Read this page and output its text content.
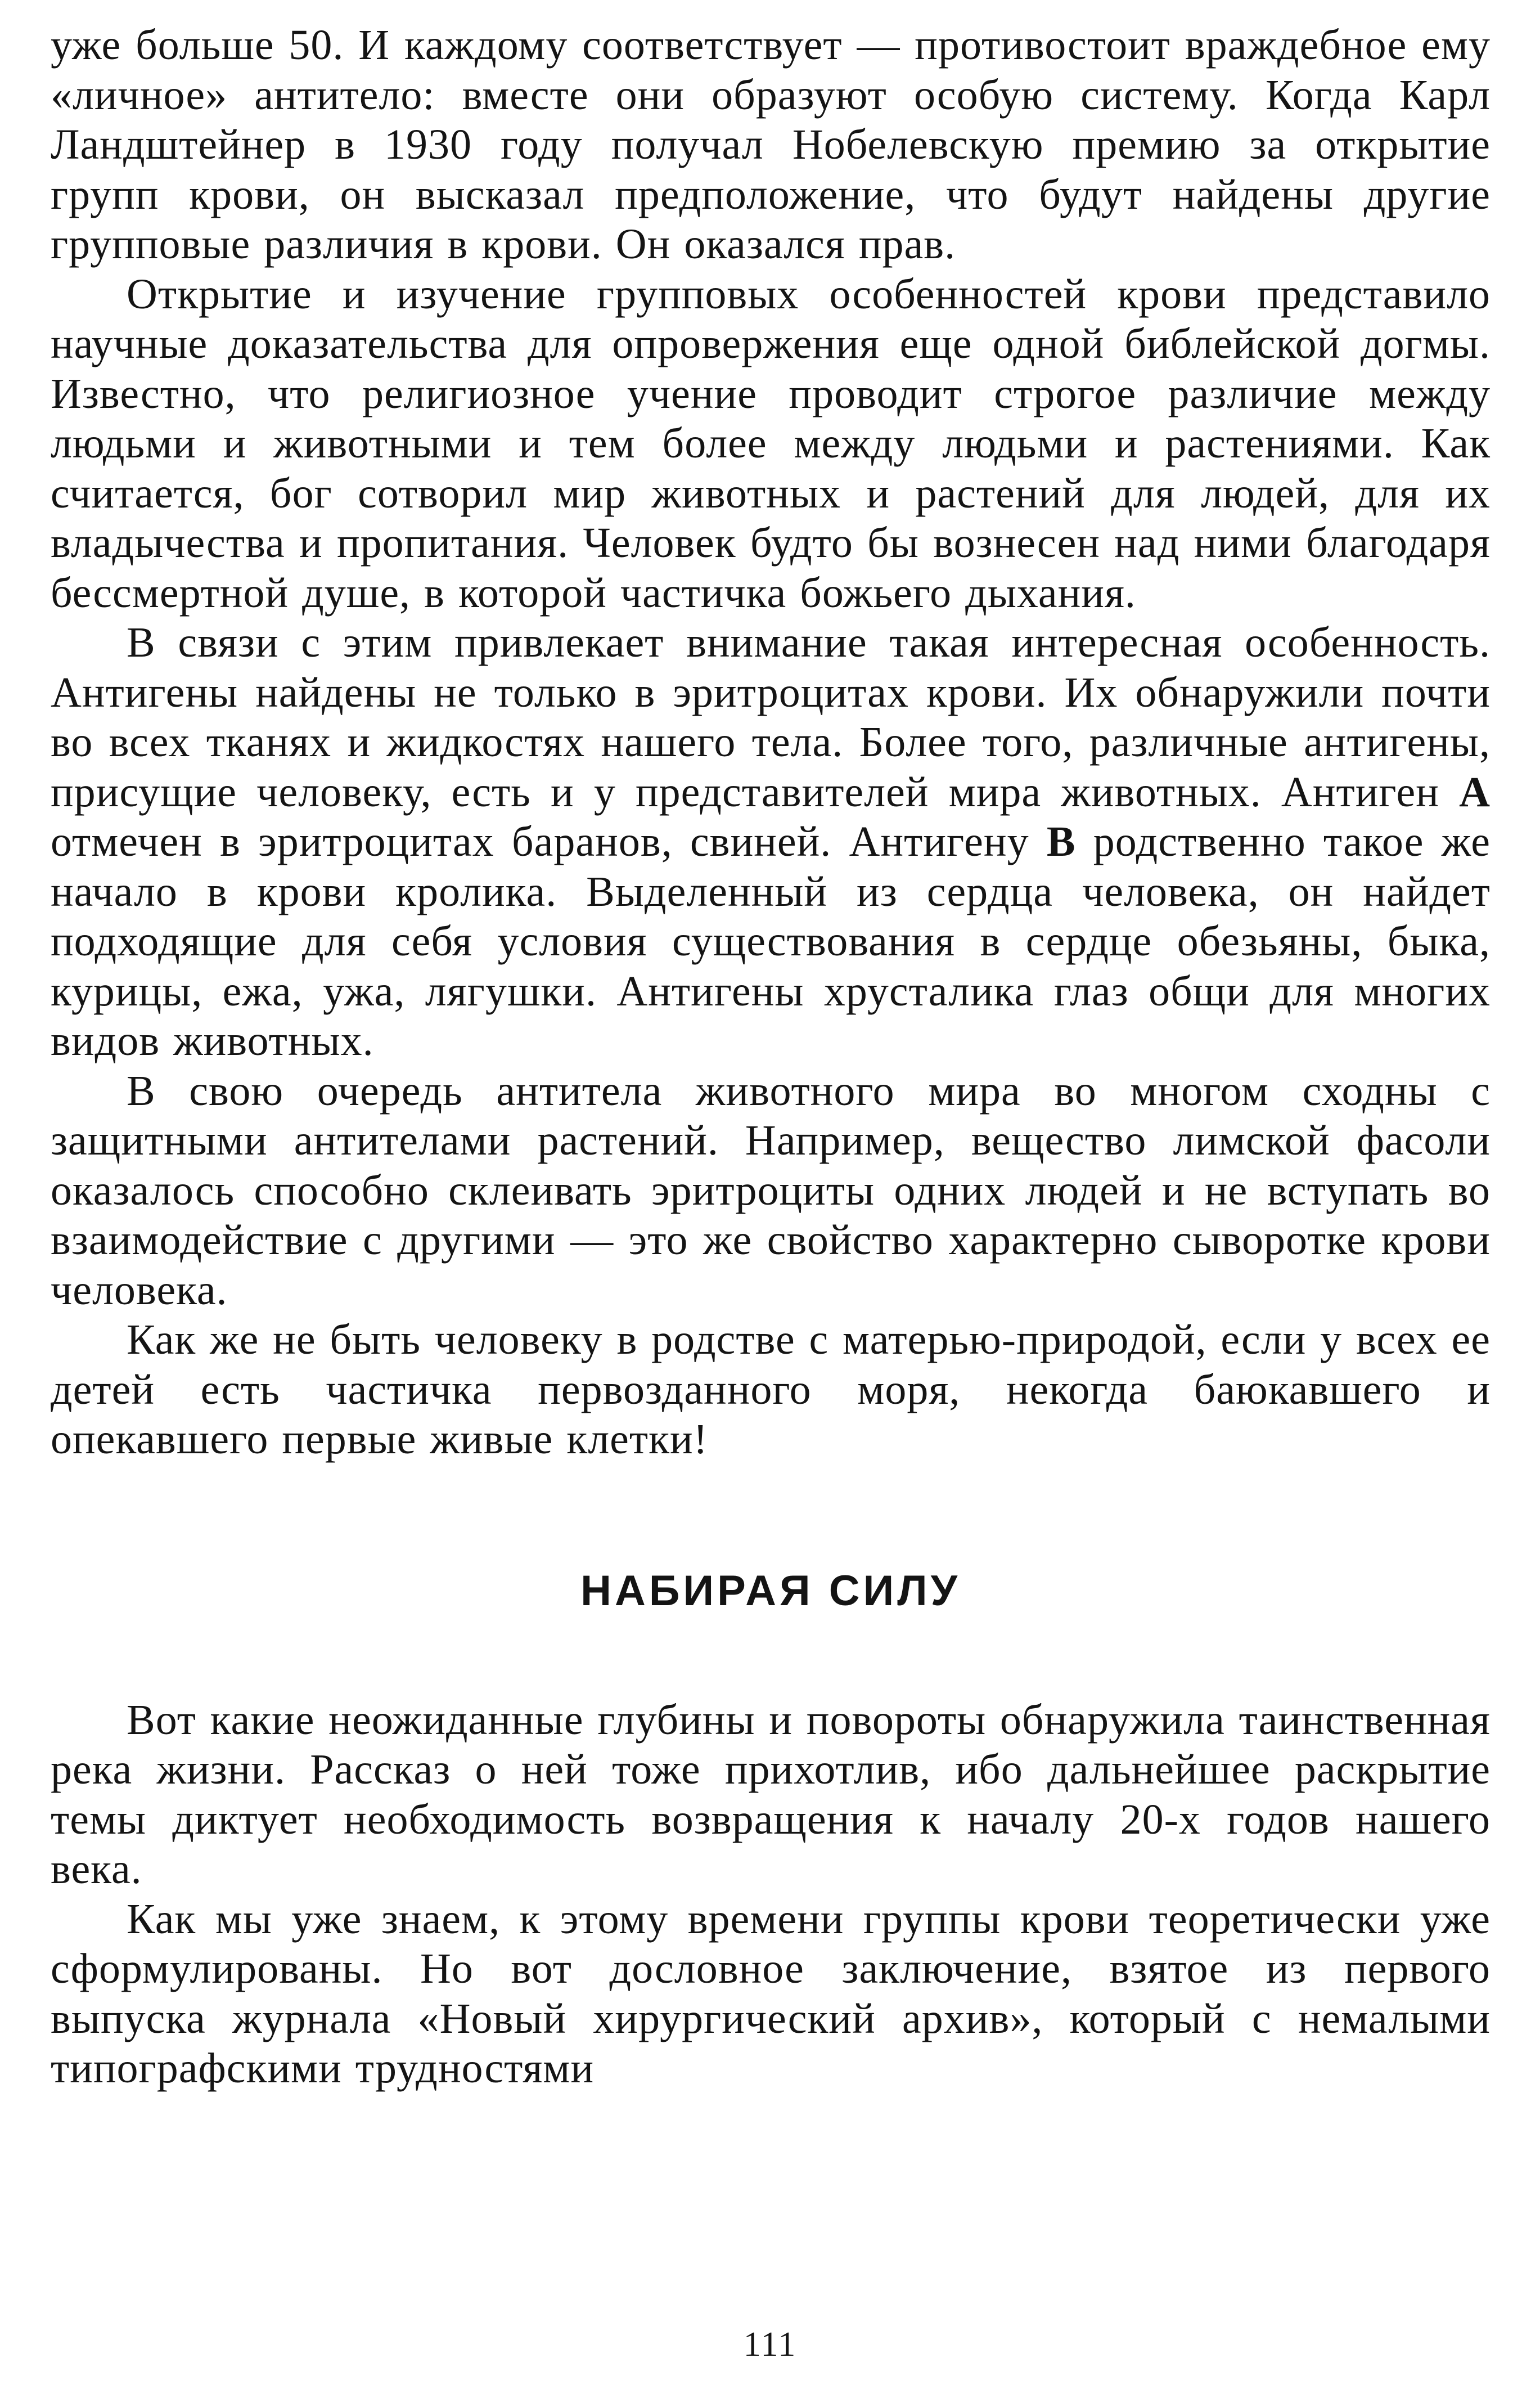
уже больше 50. И каждому соответствует — противостоит враждебное ему «личное» антитело: вместе они образуют особую систему. Когда Карл Ландштейнер в 1930 году получал Нобелевскую премию за открытие групп крови, он высказал предположение, что будут найдены другие групповые различия в крови. Он оказался прав.

Открытие и изучение групповых особенностей крови представило научные доказательства для опровержения еще одной библейской догмы. Известно, что религиозное учение проводит строгое различие между людьми и животными и тем более между людьми и растениями. Как считается, бог сотворил мир животных и растений для людей, для их владычества и пропитания. Человек будто бы вознесен над ними благодаря бессмертной душе, в которой частичка божьего дыхания.

В связи с этим привлекает внимание такая интересная особенность. Антигены найдены не только в эритроцитах крови. Их обнаружили почти во всех тканях и жидкостях нашего тела. Более того, различные антигены, присущие человеку, есть и у представителей мира животных. Антиген А отмечен в эритроцитах баранов, свиней. Антигену В родственно такое же начало в крови кролика. Выделенный из сердца человека, он найдет подходящие для себя условия существования в сердце обезьяны, быка, курицы, ежа, ужа, лягушки. Антигены хрусталика глаз общи для многих видов животных.

В свою очередь антитела животного мира во многом сходны с защитными антителами растений. Например, вещество лимской фасоли оказалось способно склеивать эритроциты одних людей и не вступать во взаимодействие с другими — это же свойство характерно сыворотке крови человека.

Как же не быть человеку в родстве с матерью-природой, если у всех ее детей есть частичка первозданного моря, некогда баюкавшего и опекавшего первые живые клетки!

НАБИРАЯ СИЛУ

Вот какие неожиданные глубины и повороты обнаружила таинственная река жизни. Рассказ о ней тоже прихотлив, ибо дальнейшее раскрытие темы диктует необходимость возвращения к началу 20-х годов нашего века.

Как мы уже знаем, к этому времени группы крови теоретически уже сформулированы. Но вот дословное заключение, взятое из первого выпуска журнала «Новый хирургический архив», который с немалыми типографскими трудностями

111
